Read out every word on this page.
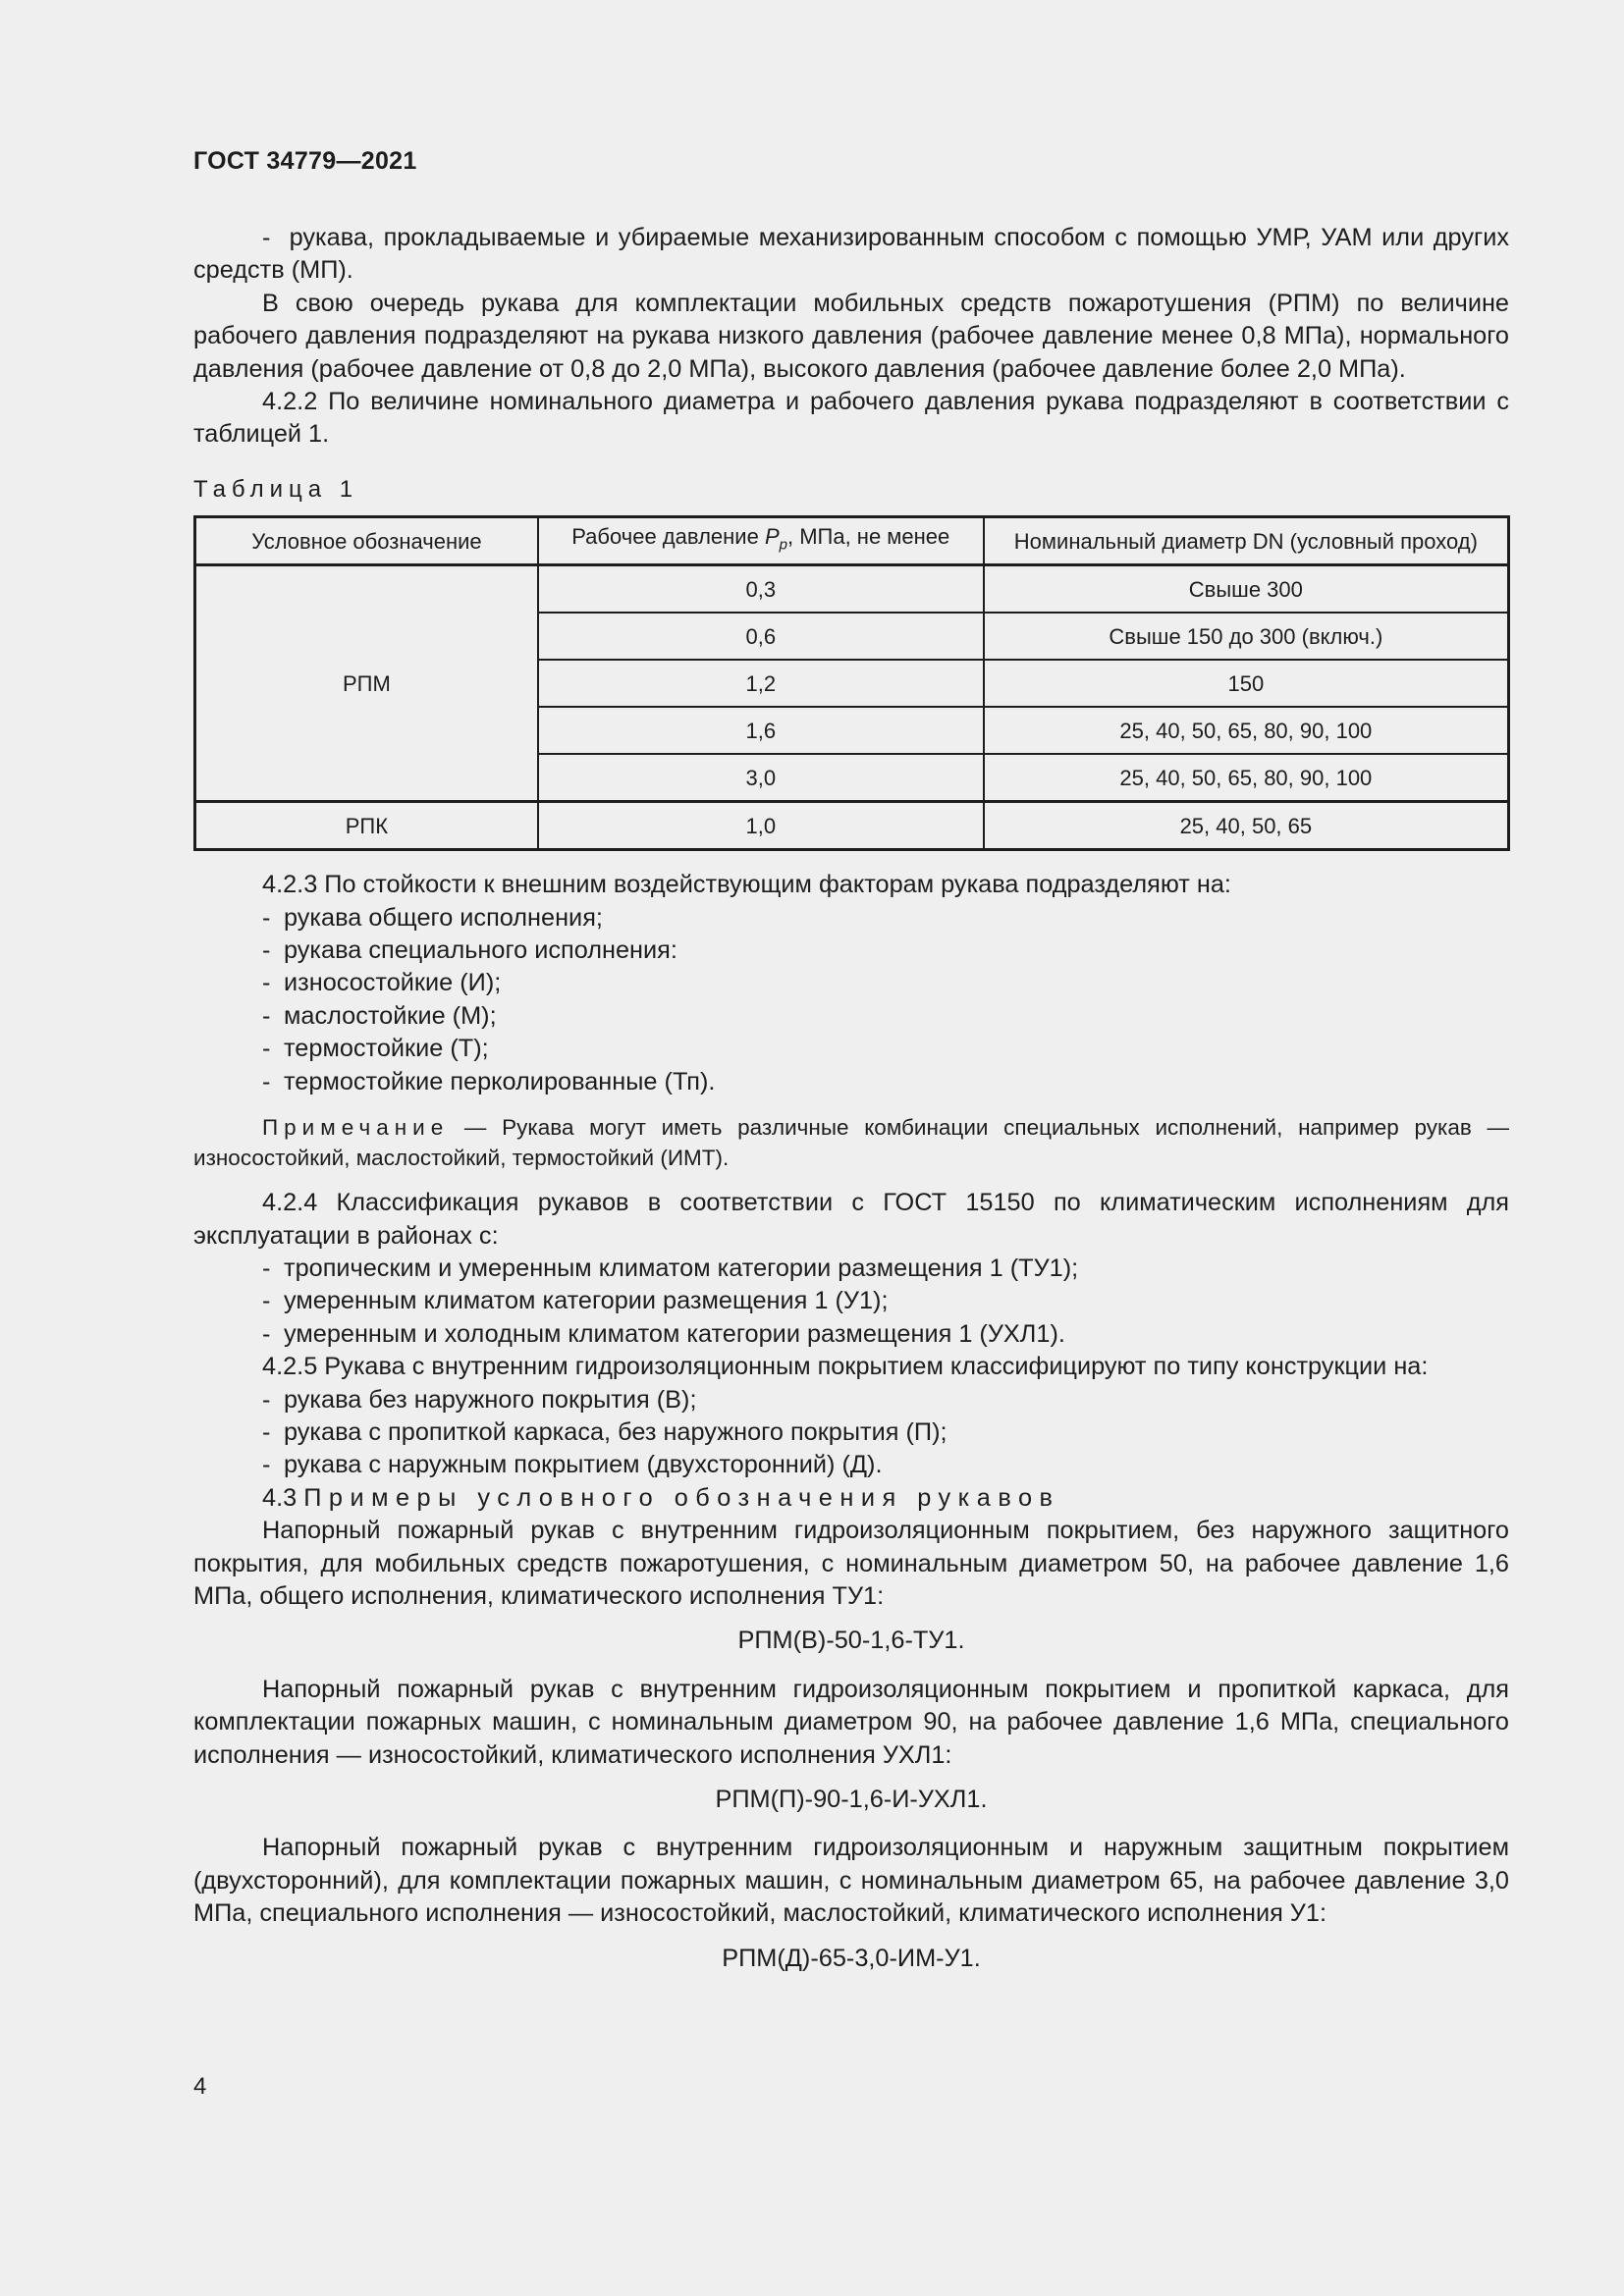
ГОСТ 34779—2021

-  рукава, прокладываемые и убираемые механизированным способом с помощью УМР, УАМ или других средств (МП).

В свою очередь рукава для комплектации мобильных средств пожаротушения (РПМ) по величине рабочего давления подразделяют на рукава низкого давления (рабочее давление менее 0,8 МПа), нормального давления (рабочее давление от 0,8 до 2,0 МПа), высокого давления (рабочее давление более 2,0 МПа).

4.2.2 По величине номинального диаметра и рабочего давления рукава подразделяют в соответствии с таблицей 1.

Таблица 1
Условное обозначение	Рабочее давление $P_p$, МПа, не менее	Номинальный диаметр DN (условный проход)
РПМ	0,3	Свыше 300
	0,6	Свыше 150 до 300 (включ.)
	1,2	150
	1,6	25, 40, 50, 65, 80, 90, 100
	3,0	25, 40, 50, 65, 80, 90, 100
РПК	1,0	25, 40, 50, 65

4.2.3 По стойкости к внешним воздействующим факторам рукава подразделяют на:

- рукава общего исполнения;

- рукава специального исполнения:

- износостойкие (И);

- маслостойкие (М);

- термостойкие (Т);

- термостойкие перколированные (Тп).

Примечание — Рукава могут иметь различные комбинации специальных исполнений, например рукав — износостойкий, маслостойкий, термостойкий (ИМТ).

4.2.4 Классификация рукавов в соответствии с ГОСТ 15150 по климатическим исполнениям для эксплуатации в районах с:

- тропическим и умеренным климатом категории размещения 1 (ТУ1);

- умеренным климатом категории размещения 1 (У1);

- умеренным и холодным климатом категории размещения 1 (УХЛ1).

4.2.5 Рукава с внутренним гидроизоляционным покрытием классифицируют по типу конструкции на:

- рукава без наружного покрытия (В);

- рукава с пропиткой каркаса, без наружного покрытия (П);

- рукава с наружным покрытием (двухсторонний) (Д).

4.3 Примеры условного обозначения рукавов

Напорный пожарный рукав с внутренним гидроизоляционным покрытием, без наружного защитного покрытия, для мобильных средств пожаротушения, с номинальным диаметром 50, на рабочее давление 1,6 МПа, общего исполнения, климатического исполнения ТУ1:

РПМ(В)-50-1,6-ТУ1.

Напорный пожарный рукав с внутренним гидроизоляционным покрытием и пропиткой каркаса, для комплектации пожарных машин, с номинальным диаметром 90, на рабочее давление 1,6 МПа, специального исполнения — износостойкий, климатического исполнения УХЛ1:

РПМ(П)-90-1,6-И-УХЛ1.

Напорный пожарный рукав с внутренним гидроизоляционным и наружным защитным покрытием (двухсторонний), для комплектации пожарных машин, с номинальным диаметром 65, на рабочее давление 3,0 МПа, специального исполнения — износостойкий, маслостойкий, климатического исполнения У1:

РПМ(Д)-65-3,0-ИМ-У1.

4
